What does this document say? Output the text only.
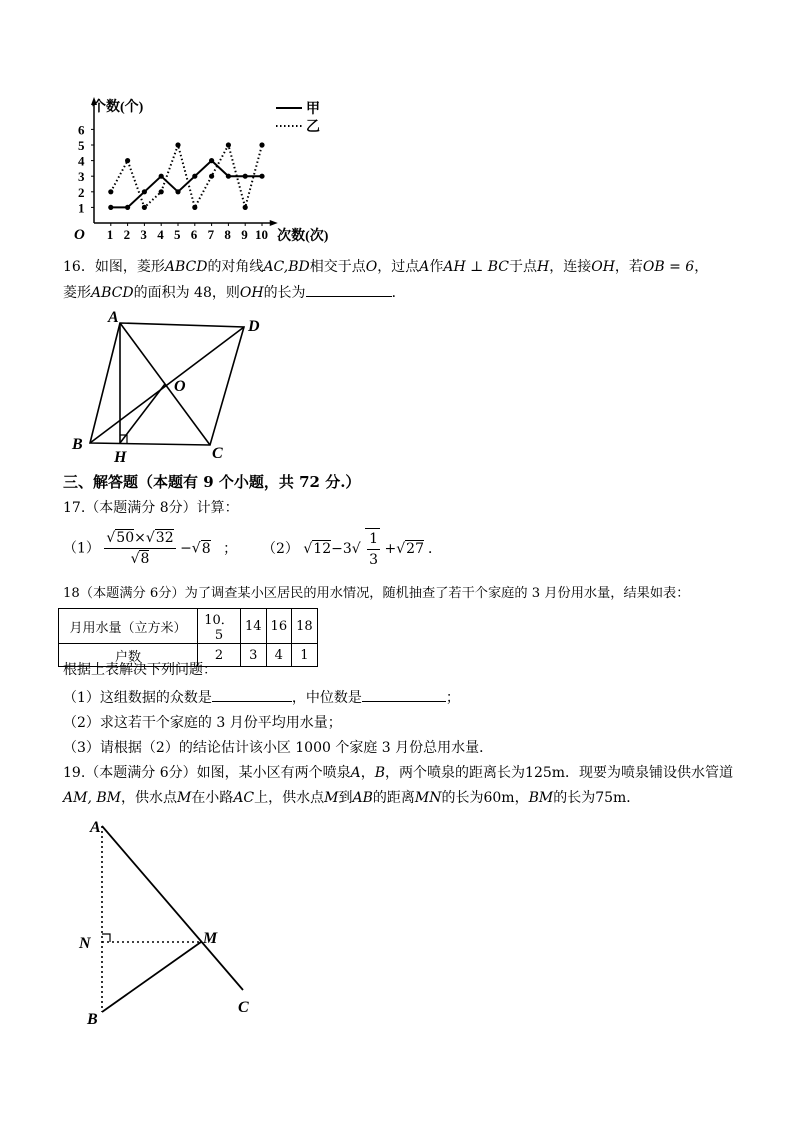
1
2
3
4
5
6
1 2 3 4 5 6 7 8 9 10
O
个数(个)
次数(次)
甲
乙
16．如图，菱形ABCD的对角线AC,BD相交于点O，过点A作AH ⊥ BC于点H，连接OH，若OB = 6，
菱形ABCD的面积为 48，则OH的长为	．
A
D
O
B
H	C
三、解答题（本题有 9 个小题，共 72 分.）
17.（本题满分 8分）计算：
$(1) \frac{√50\times√32}{√8} -√8$ ； （2） $√12-3√ \frac{1}{3} +√27$ ．
18（本题满分 6分）为了调查某小区居民的用水情况，随机抽查了若干个家庭的 3 月份用水量，结果如表：
月用水量（立方米）	10．5	14	16	18
户数	2	3	4	1
根据上表解决下列问题：
（1）这组数据的众数是	，中位数是	；
（2）求这若干个家庭的 3 月份平均用水量；
（3）请根据（2）的结论估计该小区 1000 个家庭 3 月份总用水量．
19.（本题满分 6分）如图，某小区有两个喷泉A，B，两个喷泉的距离长为125m．现要为喷泉铺设供水管道
AM, BM，供水点M在小路AC上，供水点M到AB的距离MN的长为60m，BM的长为75m．
A
N	M
B
C
